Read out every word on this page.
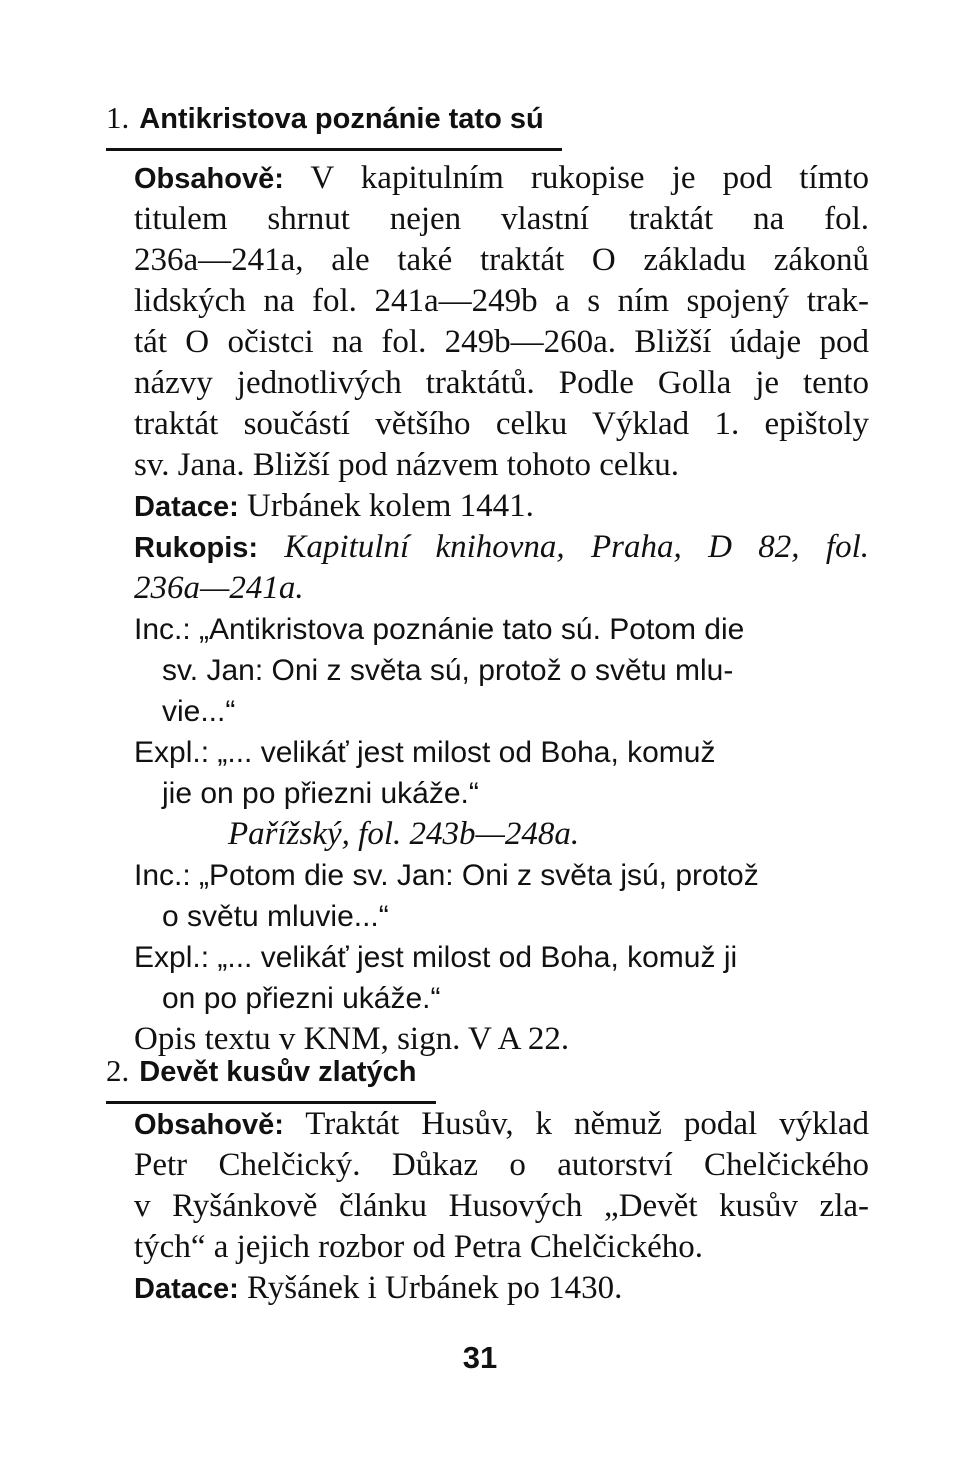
1. Antikristova poznánie tato sú
Obsahově: V kapitulním rukopise je pod tímto
titulem shrnut nejen vlastní traktát na fol.
236a—241a, ale také traktát O základu zákonů
lidských na fol. 241a—249b a s ním spojený trak-
tát O očistci na fol. 249b—260a. Bližší údaje pod
názvy jednotlivých traktátů. Podle Golla je tento
traktát součástí většího celku Výklad 1. epištoly
sv. Jana. Bližší pod názvem tohoto celku.
Datace: Urbánek kolem 1441.
Rukopis: Kapitulní knihovna, Praha, D 82, fol.
236a—241a.
Inc.: „Antikristova poznánie tato sú. Potom die
sv. Jan: Oni z světa sú, protož o světu mlu-
vie...“
Expl.: „... velikáť jest milost od Boha, komuž
jie on po přiezni ukáže.“
Pařížský, fol. 243b—248a.
Inc.: „Potom die sv. Jan: Oni z světa jsú, protož
o světu mluvie...“
Expl.: „... velikáť jest milost od Boha, komuž ji
on po přiezni ukáže.“
Opis textu v KNM, sign. V A 22.
2. Devět kusův zlatých
Obsahově: Traktát Husův, k němuž podal výklad
Petr Chelčický. Důkaz o autorství Chelčického
v Ryšánkově článku Husových „Devět kusův zla-
tých“ a jejich rozbor od Petra Chelčického.
Datace: Ryšánek i Urbánek po 1430.
31
